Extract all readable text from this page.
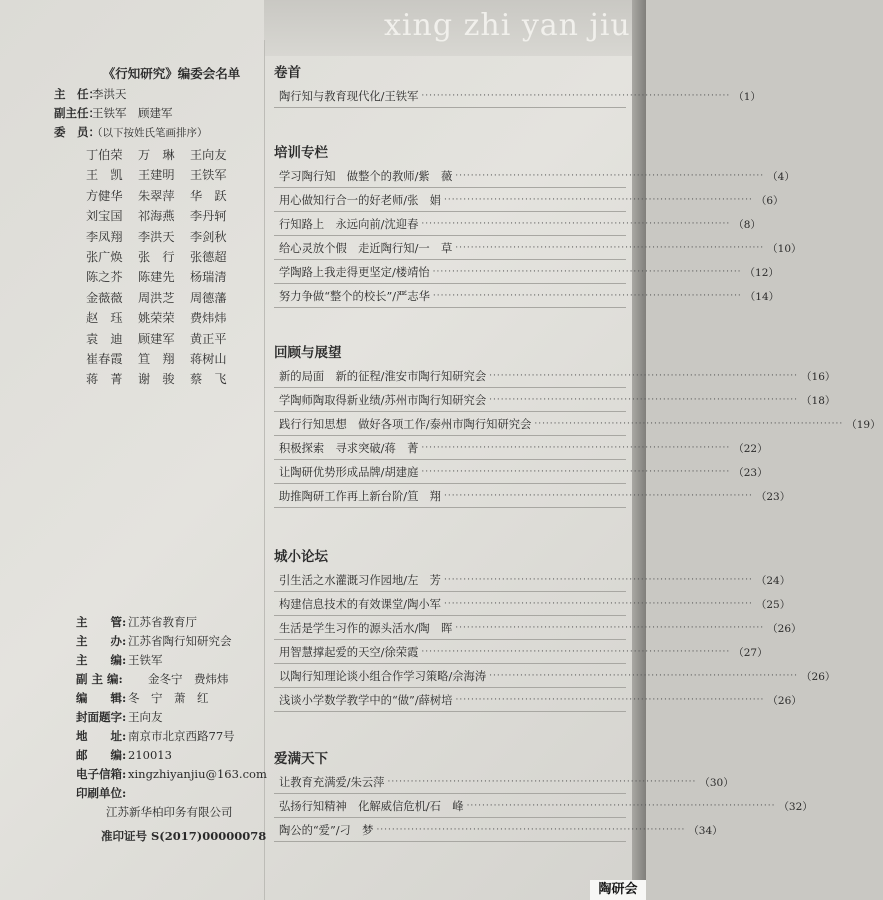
xing zhi yan jiu
《行知研究》编委会名单
主　任：李洪天
副主任：王铁军　顾建军
委　员：（以下按姓氏笔画排序）
丁伯荣	万　琳	王向友
王　凯	王建明	王铁军
方健华	朱翠萍	华　跃
刘宝国	祁海燕	李丹轲
李凤翔	李洪天	李剑秋
张广焕	张　行	张德超
陈之芥	陈建先	杨瑞清
金薇薇	周洪芝	周德藩
赵　珏	姚荣荣	费炜炜
袁　迪	顾建军	黄正平
崔春霞	笪　翔	蒋树山
蒋　菁	谢　骏	蔡　飞
主　　管: 江苏省教育厅
主　　办: 江苏省陶行知研究会
主　　编: 王铁军
副 主 编:	金冬宁　费炜炜
编　　辑: 冬　宁　萧　红
封面题字: 王向友
地　　址: 南京市北京西路77号
邮　　编: 210013
电子信箱: xingzhiyanjiu@163.com
印刷单位:
江苏新华柏印务有限公司
准印证号 S(2017)00000078
卷首
陶行知与教育现代化/王铁军 ················································································ （1）
培训专栏
学习陶行知　做整个的教师/紫　薇 ················································································ （4）
用心做知行合一的好老师/张　娟 ················································································ （6）
行知路上　永远向前/沈迎春 ················································································ （8）
给心灵放个假　走近陶行知/一　草 ················································································ （10）
学陶路上我走得更坚定/楼靖怡 ················································································ （12）
努力争做“整个的校长”/严志华 ················································································ （14）
回顾与展望
新的局面　新的征程/淮安市陶行知研究会 ················································································ （16）
学陶师陶取得新业绩/苏州市陶行知研究会 ················································································ （18）
践行行知思想　做好各项工作/泰州市陶行知研究会 ················································································ （19）
积极探索　寻求突破/蒋　菁 ················································································ （22）
让陶研优势形成品牌/胡建庭 ················································································ （23）
助推陶研工作再上新台阶/笪　翔 ················································································ （23）
城小论坛
引生活之水灌溉习作园地/左　芳 ················································································ （24）
构建信息技术的有效课堂/陶小军 ················································································ （25）
生活是学生习作的源头活水/陶　晖 ················································································ （26）
用智慧撑起爱的天空/徐荣霞 ················································································ （27）
以陶行知理论谈小组合作学习策略/佘海涛 ················································································ （26）
浅谈小学数学教学中的“做”/薛树培 ················································································ （26）
爱满天下
让教育充满爱/朱云萍 ················································································ （30）
弘扬行知精神　化解威信危机/石　峰 ················································································ （32）
陶公的“爱”/刁　梦 ················································································ （34）
陶研会
